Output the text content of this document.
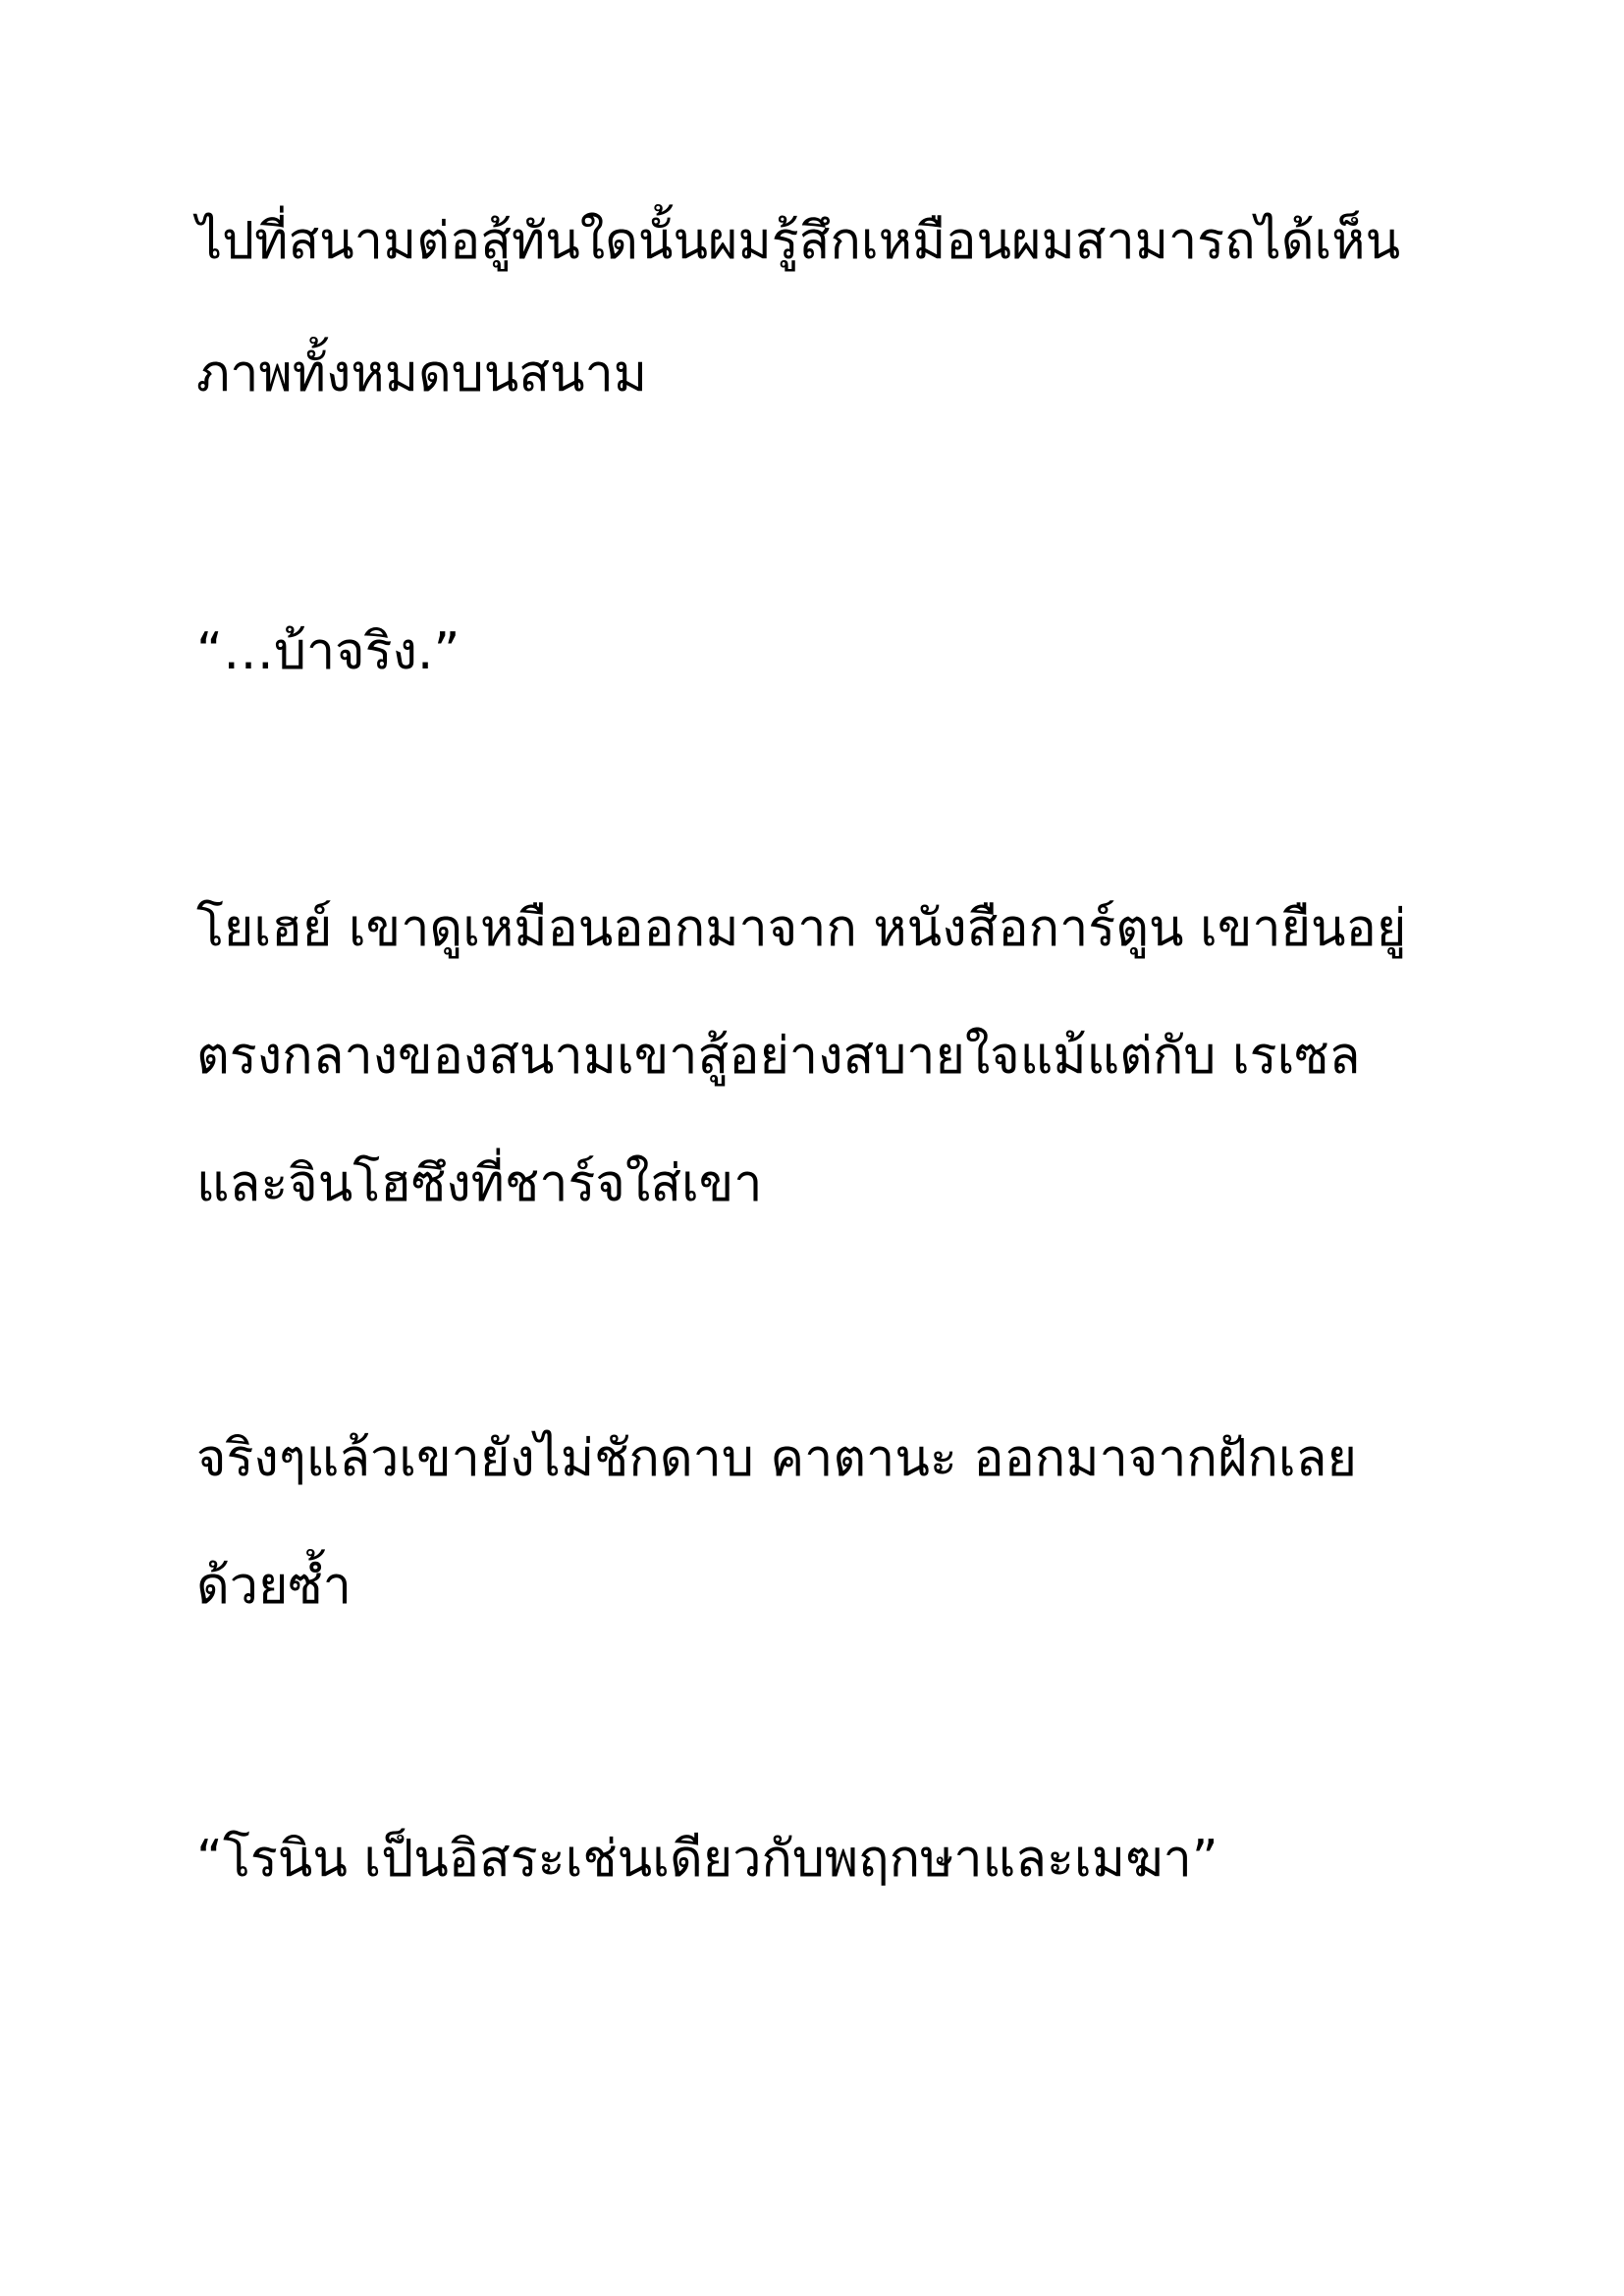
ไปที่สนามต่อสู้ทันใดนั้นผมรู้สึกเหมือนผมสามารถได้เห็น

ภาพทั้งหมดบนสนาม

“…บ้าจริง.”

โยเฮย์ เขาดูเหมือนออกมาจาก หนังสือการ์ตูน เขายืนอยู่

ตรงกลางของสนามเขาสู้อย่างสบายใจแม้แต่กับ เรเซล

และจินโฮซึงที่ชาร์จใส่เขา

จริงๆแล้วเขายังไม่ชักดาบ คาตานะ ออกมาจากฝักเลย

ด้วยซ้ำ

“โรนิน เป็นอิสระเช่นเดียวกับพฤกษาและเมฆา”
